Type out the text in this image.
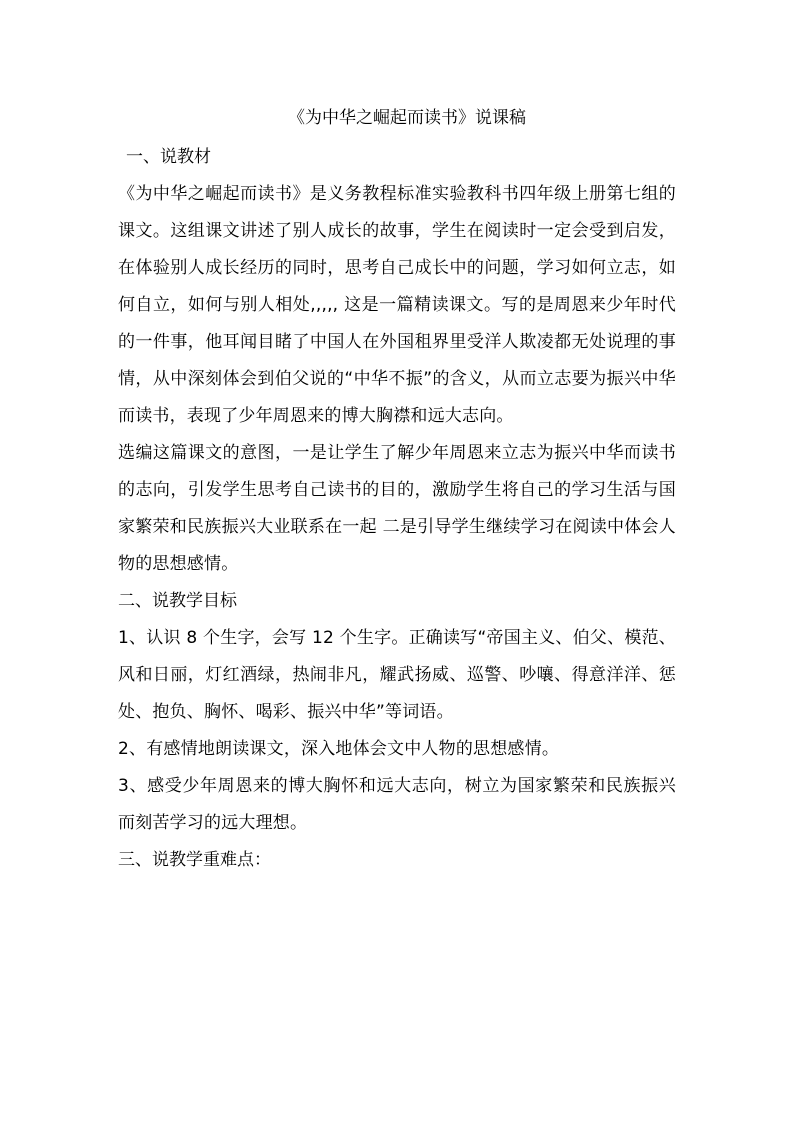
《为中华之崛起而读书》说课稿

一、说教材

《为中华之崛起而读书》是义务教程标准实验教科书四年级上册第七组的课文。这组课文讲述了别人成长的故事，学生在阅读时一定会受到启发，在体验别人成长经历的同时，思考自己成长中的问题，学习如何立志，如何自立，如何与别人相处,,,,, 这是一篇精读课文。写的是周恩来少年时代的一件事，他耳闻目睹了中国人在外国租界里受洋人欺凌都无处说理的事情，从中深刻体会到伯父说的“中华不振”的含义，从而立志要为振兴中华而读书，表现了少年周恩来的博大胸襟和远大志向。

选编这篇课文的意图，一是让学生了解少年周恩来立志为振兴中华而读书的志向，引发学生思考自己读书的目的，激励学生将自己的学习生活与国家繁荣和民族振兴大业联系在一起 二是引导学生继续学习在阅读中体会人物的思想感情。

二、说教学目标

1、认识 8 个生字，会写 12 个生字。正确读写“帝国主义、伯父、模范、风和日丽，灯红酒绿，热闹非凡，耀武扬威、巡警、吵嚷、得意洋洋、惩处、抱负、胸怀、喝彩、振兴中华”等词语。

2、有感情地朗读课文，深入地体会文中人物的思想感情。

3、感受少年周恩来的博大胸怀和远大志向，树立为国家繁荣和民族振兴而刻苦学习的远大理想。

三、说教学重难点：
